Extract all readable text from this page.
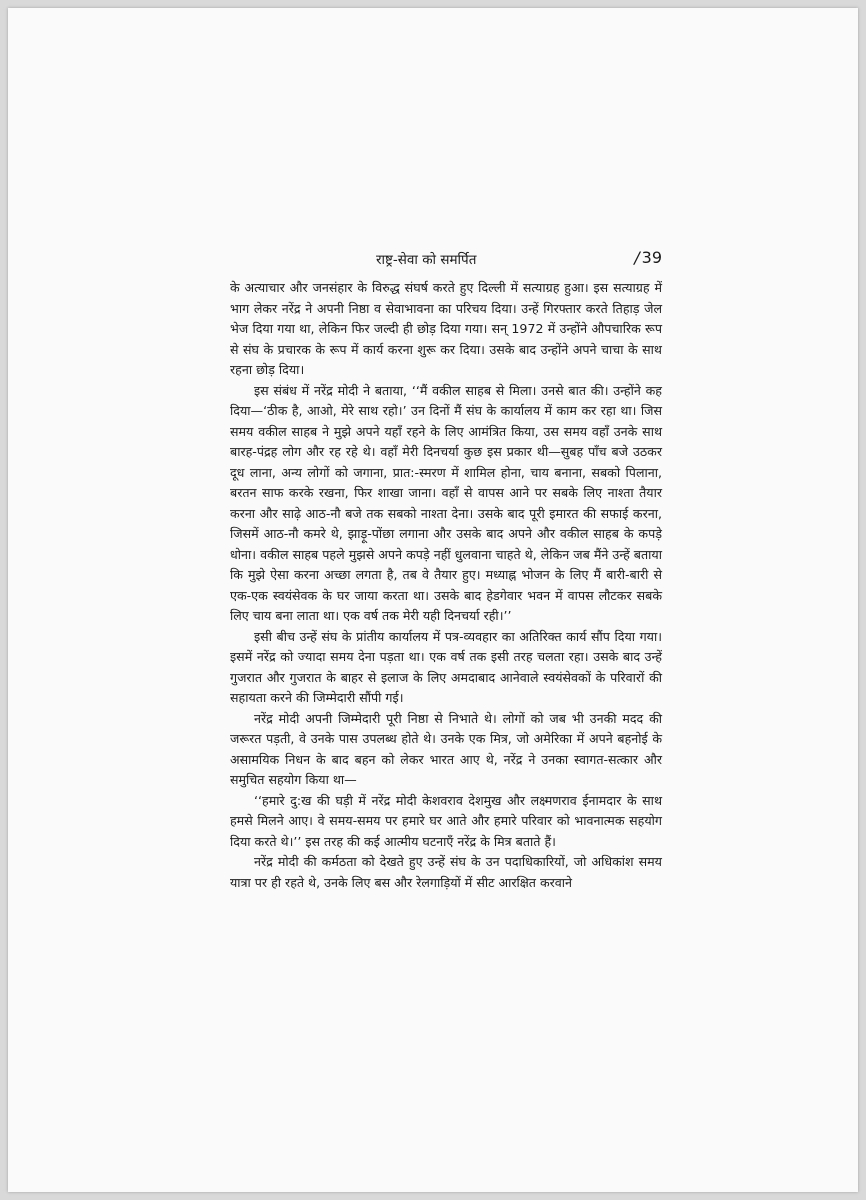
राष्ट्र-सेवा को समर्पित	/ 39

के अत्याचार और जनसंहार के विरुद्ध संघर्ष करते हुए दिल्ली में सत्याग्रह हुआ। इस सत्याग्रह में भाग लेकर नरेंद्र ने अपनी निष्ठा व सेवाभावना का परिचय दिया। उन्हें गिरफ्तार करते तिहाड़ जेल भेज दिया गया था, लेकिन फिर जल्दी ही छोड़ दिया गया। सन् 1972 में उन्होंने औपचारिक रूप से संघ के प्रचारक के रूप में कार्य करना शुरू कर दिया। उसके बाद उन्होंने अपने चाचा के साथ रहना छोड़ दिया।

इस संबंध में नरेंद्र मोदी ने बताया, ‘‘मैं वकील साहब से मिला। उनसे बात की। उन्होंने कह दिया—‘ठीक है, आओ, मेरे साथ रहो।’ उन दिनों मैं संघ के कार्यालय में काम कर रहा था। जिस समय वकील साहब ने मुझे अपने यहाँ रहने के लिए आमंत्रित किया, उस समय वहाँ उनके साथ बारह-पंद्रह लोग और रह रहे थे। वहाँ मेरी दिनचर्या कुछ इस प्रकार थी—सुबह पाँच बजे उठकर दूध लाना, अन्य लोगों को जगाना, प्रात:-स्मरण में शामिल होना, चाय बनाना, सबको पिलाना, बरतन साफ करके रखना, फिर शाखा जाना। वहाँ से वापस आने पर सबके लिए नाश्ता तैयार करना और साढ़े आठ-नौ बजे तक सबको नाश्ता देना। उसके बाद पूरी इमारत की सफाई करना, जिसमें आठ-नौ कमरे थे, झाड़ू-पोंछा लगाना और उसके बाद अपने और वकील साहब के कपड़े धोना। वकील साहब पहले मुझसे अपने कपड़े नहीं धुलवाना चाहते थे, लेकिन जब मैंने उन्हें बताया कि मुझे ऐसा करना अच्छा लगता है, तब वे तैयार हुए। मध्याह्न भोजन के लिए मैं बारी-बारी से एक-एक स्वयंसेवक के घर जाया करता था। उसके बाद हेडगेवार भवन में वापस लौटकर सबके लिए चाय बना लाता था। एक वर्ष तक मेरी यही दिनचर्या रही।’’

इसी बीच उन्हें संघ के प्रांतीय कार्यालय में पत्र-व्यवहार का अतिरिक्त कार्य सौंप दिया गया। इसमें नरेंद्र को ज्यादा समय देना पड़ता था। एक वर्ष तक इसी तरह चलता रहा। उसके बाद उन्हें गुजरात और गुजरात के बाहर से इलाज के लिए अमदाबाद आनेवाले स्वयंसेवकों के परिवारों की सहायता करने की जिम्मेदारी सौंपी गई।

नरेंद्र मोदी अपनी जिम्मेदारी पूरी निष्ठा से निभाते थे। लोगों को जब भी उनकी मदद की जरूरत पड़ती, वे उनके पास उपलब्ध होते थे। उनके एक मित्र, जो अमेरिका में अपने बहनोई के असामयिक निधन के बाद बहन को लेकर भारत आए थे, नरेंद्र ने उनका स्वागत-सत्कार और समुचित सहयोग किया था—

‘‘हमारे दु:ख की घड़ी में नरेंद्र मोदी केशवराव देशमुख और लक्ष्मणराव ईनामदार के साथ हमसे मिलने आए। वे समय-समय पर हमारे घर आते और हमारे परिवार को भावनात्मक सहयोग दिया करते थे।’’ इस तरह की कई आत्मीय घटनाएँ नरेंद्र के मित्र बताते हैं।

नरेंद्र मोदी की कर्मठता को देखते हुए उन्हें संघ के उन पदाधिकारियों, जो अधिकांश समय यात्रा पर ही रहते थे, उनके लिए बस और रेलगाड़ियों में सीट आरक्षित करवाने
